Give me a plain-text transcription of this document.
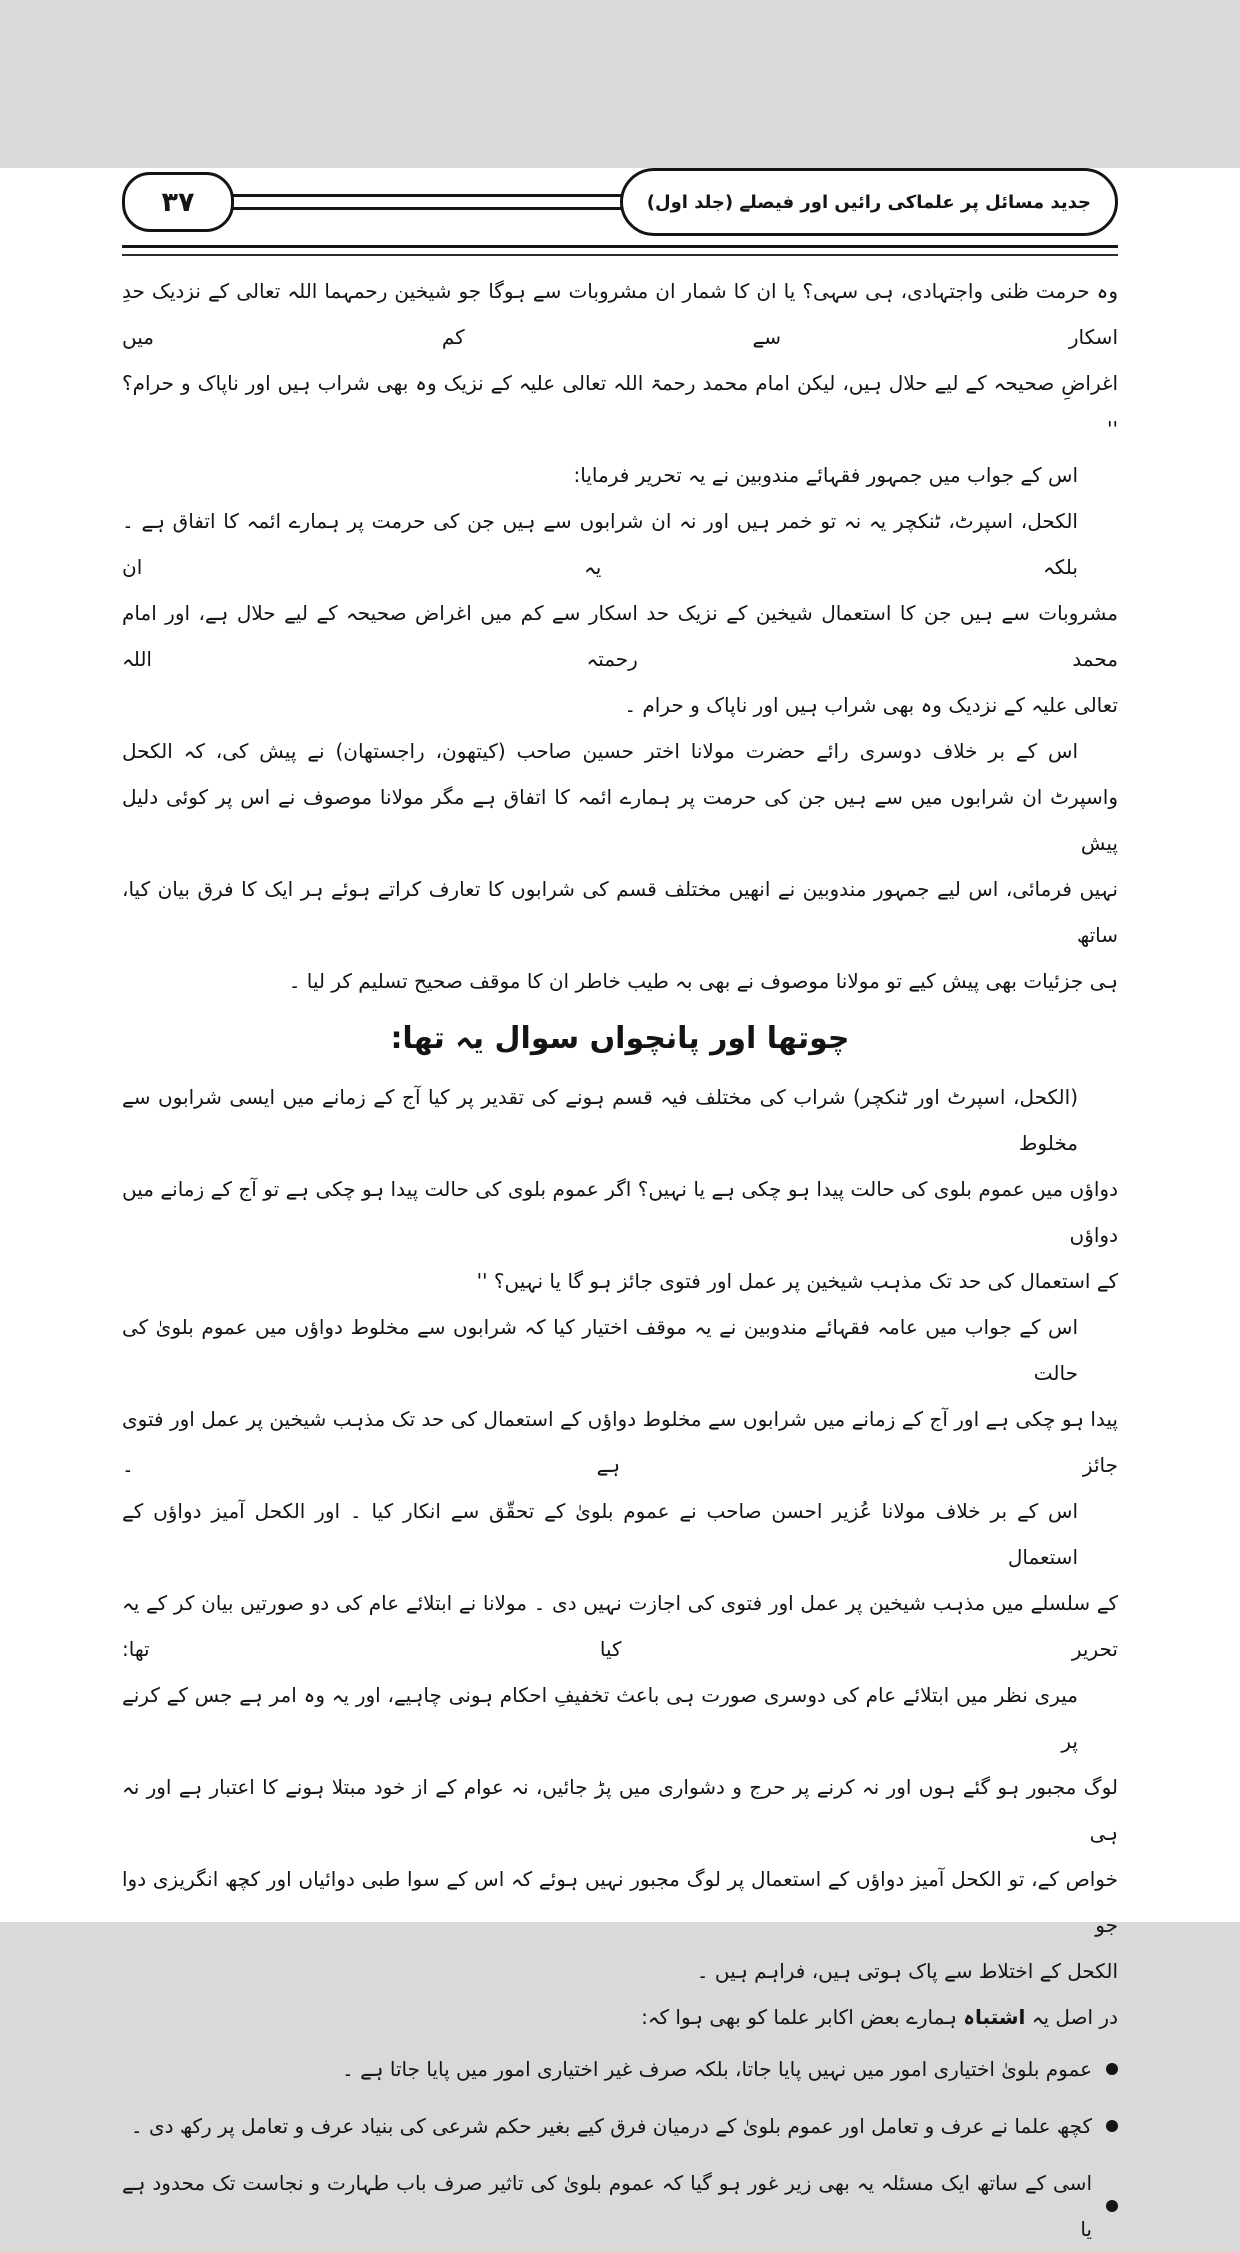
۳۷	جدید مسائل پر علماکی رائیں اور فیصلے (جلد اول)
وہ حرمت ظنی واجتہادی، ہی سہی؟ یا ان کا شمار ان مشروبات سے ہوگا جو شیخین رحمہما اللہ تعالی کے نزدیک حدِ اسکار سے کم میں
اغراضِ صحیحہ کے لیے حلال ہیں، لیکن امام محمد رحمۃ اللہ تعالی علیہ کے نزیک وہ بھی شراب ہیں اور ناپاک و حرام؟ ''
اس کے جواب میں جمہور فقہائے مندوبین نے یہ تحریر فرمایا:
الکحل، اسپرٹ، ٹنکچر یہ نہ تو خمر ہیں اور نہ ان شرابوں سے ہیں جن کی حرمت پر ہمارے ائمہ کا اتفاق ہے ۔ بلکہ یہ ان
مشروبات سے ہیں جن کا استعمال شیخین کے نزیک حد اسکار سے کم میں اغراض صحیحہ کے لیے حلال ہے، اور امام محمد رحمتہ اللہ
تعالی علیہ کے نزدیک وہ بھی شراب ہیں اور ناپاک و حرام ۔
اس کے بر خلاف دوسری رائے حضرت مولانا اختر حسین صاحب (کیتھون، راجستھان) نے پیش کی، کہ الکحل
واسپرٹ ان شرابوں میں سے ہیں جن کی حرمت پر ہمارے ائمہ کا اتفاق ہے مگر مولانا موصوف نے اس پر کوئی دلیل پیش
نہیں فرمائی، اس لیے جمہور مندوبین نے انھیں مختلف قسم کی شرابوں کا تعارف کراتے ہوئے ہر ایک کا فرق بیان کیا، ساتھ
ہی جزئیات بھی پیش کیے تو مولانا موصوف نے بھی بہ طیب خاطر ان کا موقف صحیح تسلیم کر لیا ۔
چوتھا اور پانچواں سوال یہ تھا:
(الکحل، اسپرٹ اور ٹنکچر) شراب کی مختلف فیہ قسم ہونے کی تقدیر پر کیا آج کے زمانے میں ایسی شرابوں سے مخلوط
دواؤں میں عموم بلوی کی حالت پیدا ہو چکی ہے یا نہیں؟ اگر عموم بلوی کی حالت پیدا ہو چکی ہے تو آج کے زمانے میں دواؤں
کے استعمال کی حد تک مذہب شیخین پر عمل اور فتوی جائز ہو گا یا نہیں؟ ''
اس کے جواب میں عامہ فقہائے مندوبین نے یہ موقف اختیار کیا کہ شرابوں سے مخلوط دواؤں میں عموم بلویٰ کی حالت
پیدا ہو چکی ہے اور آج کے زمانے میں شرابوں سے مخلوط دواؤں کے استعمال کی حد تک مذہب شیخین پر عمل اور فتوی جائز ہے ۔
اس کے بر خلاف مولانا عُزیر احسن صاحب نے عموم بلویٰ کے تحقّق سے انکار کیا ۔ اور الکحل آمیز دواؤں کے استعمال
کے سلسلے میں مذہب شیخین پر عمل اور فتوی کی اجازت نہیں دی ۔ مولانا نے ابتلائے عام کی دو صورتیں بیان کر کے یہ تحریر کیا تھا:
میری نظر میں ابتلائے عام کی دوسری صورت ہی باعث تخفیفِ احکام ہونی چاہیے، اور یہ وہ امر ہے جس کے کرنے پر
لوگ مجبور ہو گئے ہوں اور نہ کرنے پر حرج و دشواری میں پڑ جائیں، نہ عوام کے از خود مبتلا ہونے کا اعتبار ہے اور نہ ہی
خواص کے، تو الکحل آمیز دواؤں کے استعمال پر لوگ مجبور نہیں ہوئے کہ اس کے سوا طبی دوائیاں اور کچھ انگریزی دوا جو
الکحل کے اختلاط سے پاک ہوتی ہیں، فراہم ہیں ۔
در اصل یہ اشتباہ ہمارے بعض اکابر علما کو بھی ہوا کہ:
عموم بلویٰ اختیاری امور میں نہیں پایا جاتا، بلکہ صرف غیر اختیاری امور میں پایا جاتا ہے ۔
کچھ علما نے عرف و تعامل اور عموم بلویٰ کے درمیان فرق کیے بغیر حکم شرعی کی بنیاد عرف و تعامل پر رکھ دی ۔
اسی کے ساتھ ایک مسئلہ یہ بھی زیر غور ہو گیا کہ عموم بلویٰ کی تاثیر صرف باب طہارت و نجاست تک محدود ہے یا
